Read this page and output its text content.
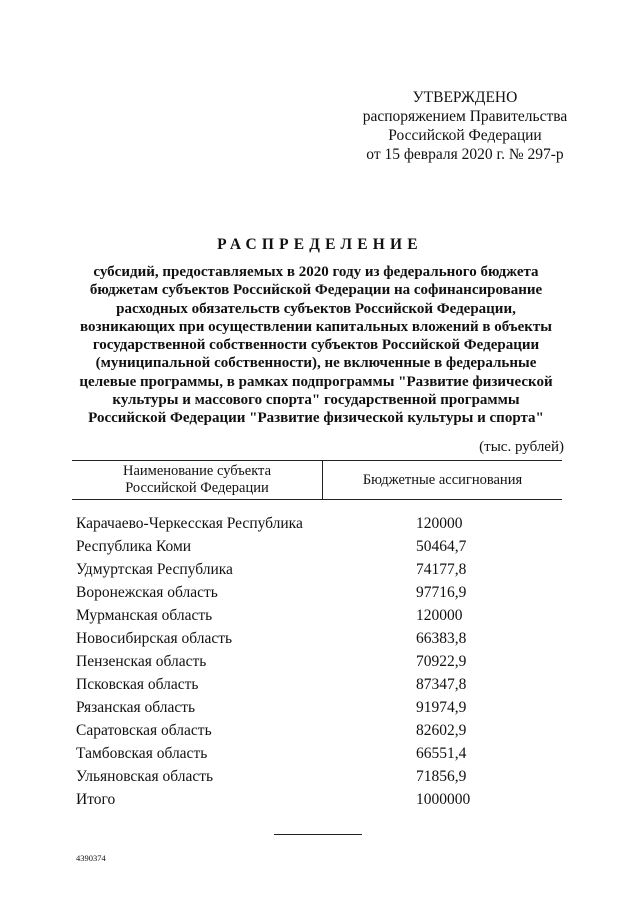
УТВЕРЖДЕНО
распоряжением Правительства
Российской Федерации
от 15 февраля 2020 г. № 297-р
РАСПРЕДЕЛЕНИЕ
субсидий, предоставляемых в 2020 году из федерального бюджета
бюджетам субъектов Российской Федерации на софинансирование
расходных обязательств субъектов Российской Федерации,
возникающих при осуществлении капитальных вложений в объекты
государственной собственности субъектов Российской Федерации
(муниципальной собственности), не включенные в федеральные
целевые программы, в рамках подпрограммы "Развитие физической
культуры и массового спорта" государственной программы
Российской Федерации "Развитие физической культуры и спорта"
(тыс. рублей)
Наименование субъекта
Российской Федерации	Бюджетные ассигнования
Карачаево-Черкесская Республика	120000
Республика Коми	50464,7
Удмуртская Республика	74177,8
Воронежская область	97716,9
Мурманская область	120000
Новосибирская область	66383,8
Пензенская область	70922,9
Псковская область	87347,8
Рязанская область	91974,9
Саратовская область	82602,9
Тамбовская область	66551,4
Ульяновская область	71856,9
Итого	1000000
4390374
